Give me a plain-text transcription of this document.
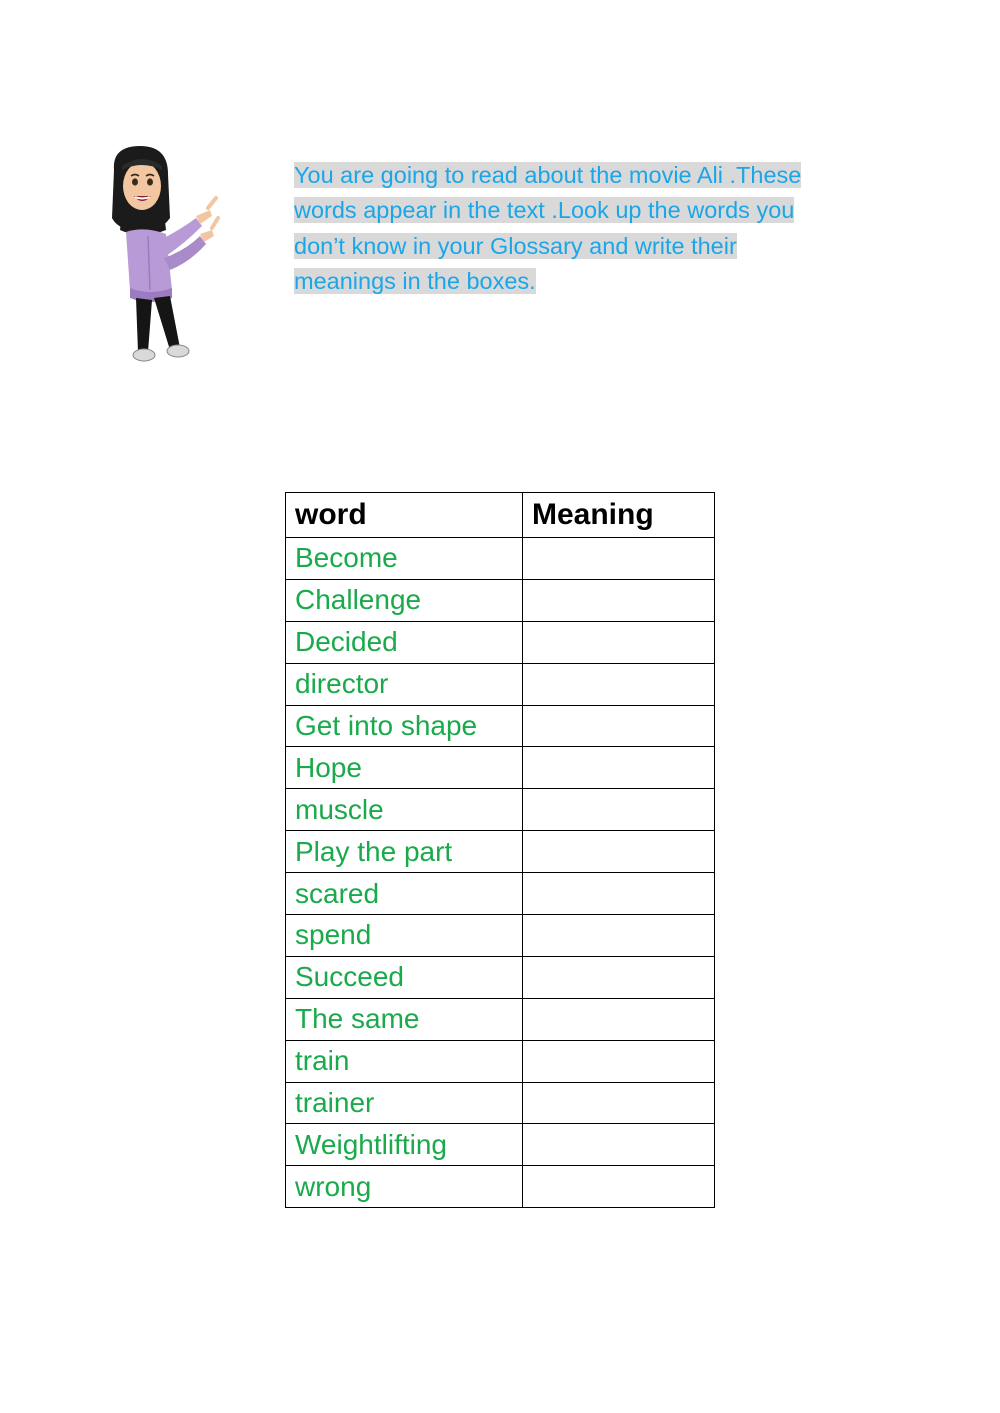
You are going to read about the movie Ali .These
words appear in the text .Look up the words you
don’t know in your Glossary and write their
meanings in the boxes.
word	Meaning
Become	
Challenge	
Decided	
director	
Get into shape	
Hope	
muscle	
Play the part	
scared	
spend	
Succeed	
The same	
train	
trainer	
Weightlifting	
wrong	
